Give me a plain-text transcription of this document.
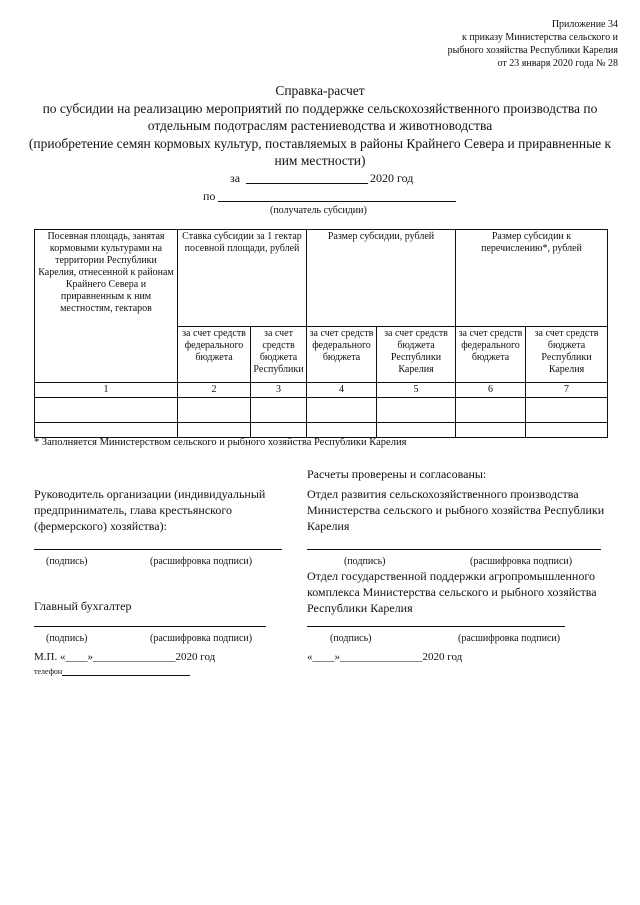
Приложение 34
к приказу Министерства сельского и
рыбного хозяйства Республики Карелия
от 23 января 2020 года № 28
Справка-расчет
по субсидии на реализацию мероприятий по поддержке сельскохозяйственного производства по
отдельным подотраслям растениеводства и животноводства
(приобретение семян кормовых культур, поставляемых в районы Крайнего Севера и приравненные к
ним местности)
за	2020 год
по
(получатель субсидии)
Посевная площадь, занятая кормовыми культурами на территории Республики Карелия, отнесенной к районам Крайнего Севера и приравненным к ним местностям, гектаров	Ставка субсидии за 1 гектар посевной площади, рублей		Размер субсидии, рублей		Размер субсидии к перечислению*, рублей	
	за счет средств федерального бюджета	за счет средств бюджета Республики	за счет средств федерального бюджета	за счет средств бюджета Республики Карелия	за счет средств федерального бюджета	за счет средств бюджета Республики Карелия
1	2	3	4	5	6	7

* Заполняется Министерством сельского и рыбного хозяйства Республики Карелия
Расчеты проверены и согласованы:
Руководитель организации (индивидуальный предприниматель, глава крестьянского (фермерского) хозяйства):
(подпись)	(расшифровка подписи)
Главный бухгалтер
(подпись)	(расшифровка подписи)
М.П. «____»_______________2020 год
телефон
Отдел развития сельскохозяйственного производства Министерства сельского и рыбного хозяйства Республики Карелия
(подпись)	(расшифровка подписи)
Отдел государственной поддержки агропромышленного комплекса Министерства сельского и рыбного хозяйства Республики Карелия
(подпись)	(расшифровка подписи)
«____»_______________2020 год
